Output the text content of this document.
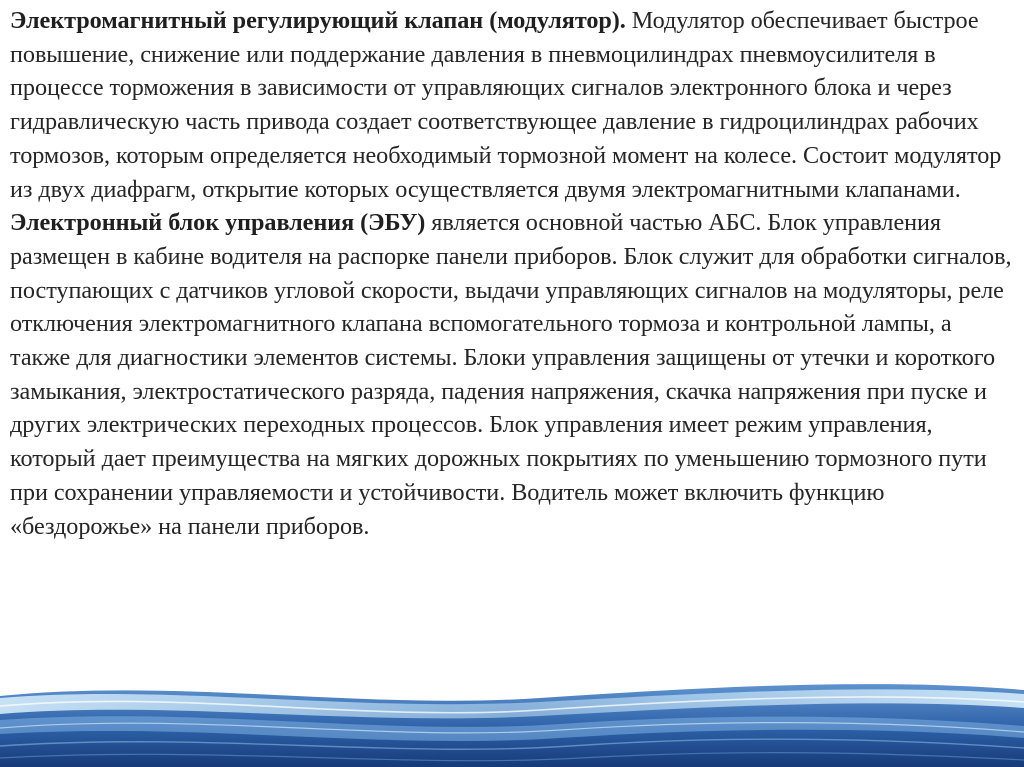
Электромагнитный регулирующий клапан (модулятор). Модулятор обеспечивает быстрое повышение, снижение или поддержание давления в пневмоцилиндрах пневмоусилителя в процессе торможения в зависимости от управляющих сигналов электронного блока и через гидравлическую часть привода создает соответствующее давление в гидроцилиндрах рабочих тормозов, которым определяется необходимый тормозной момент на колесе. Состоит модулятор из двух диафрагм, открытие которых осуществляется двумя электромагнитными клапанами.

Электронный блок управления (ЭБУ) является основной частью АБС. Блок управления размещен в кабине водителя на распорке панели приборов. Блок служит для обработки сигналов, поступающих с датчиков угловой скорости, выдачи управляющих сигналов на модуляторы, реле отключения электромагнитного клапана вспомогательного тормоза и контрольной лампы, а также для диагностики элементов системы. Блоки управления защищены от утечки и короткого замыкания, электростатического разряда, падения напряжения, скачка напряжения при пуске и других электрических переходных процессов. Блок управления имеет режим управления, который дает преимущества на мягких дорожных покрытиях по уменьшению тормозного пути при сохранении управляемости и устойчивости. Водитель может включить функцию «бездорожье» на панели приборов.
